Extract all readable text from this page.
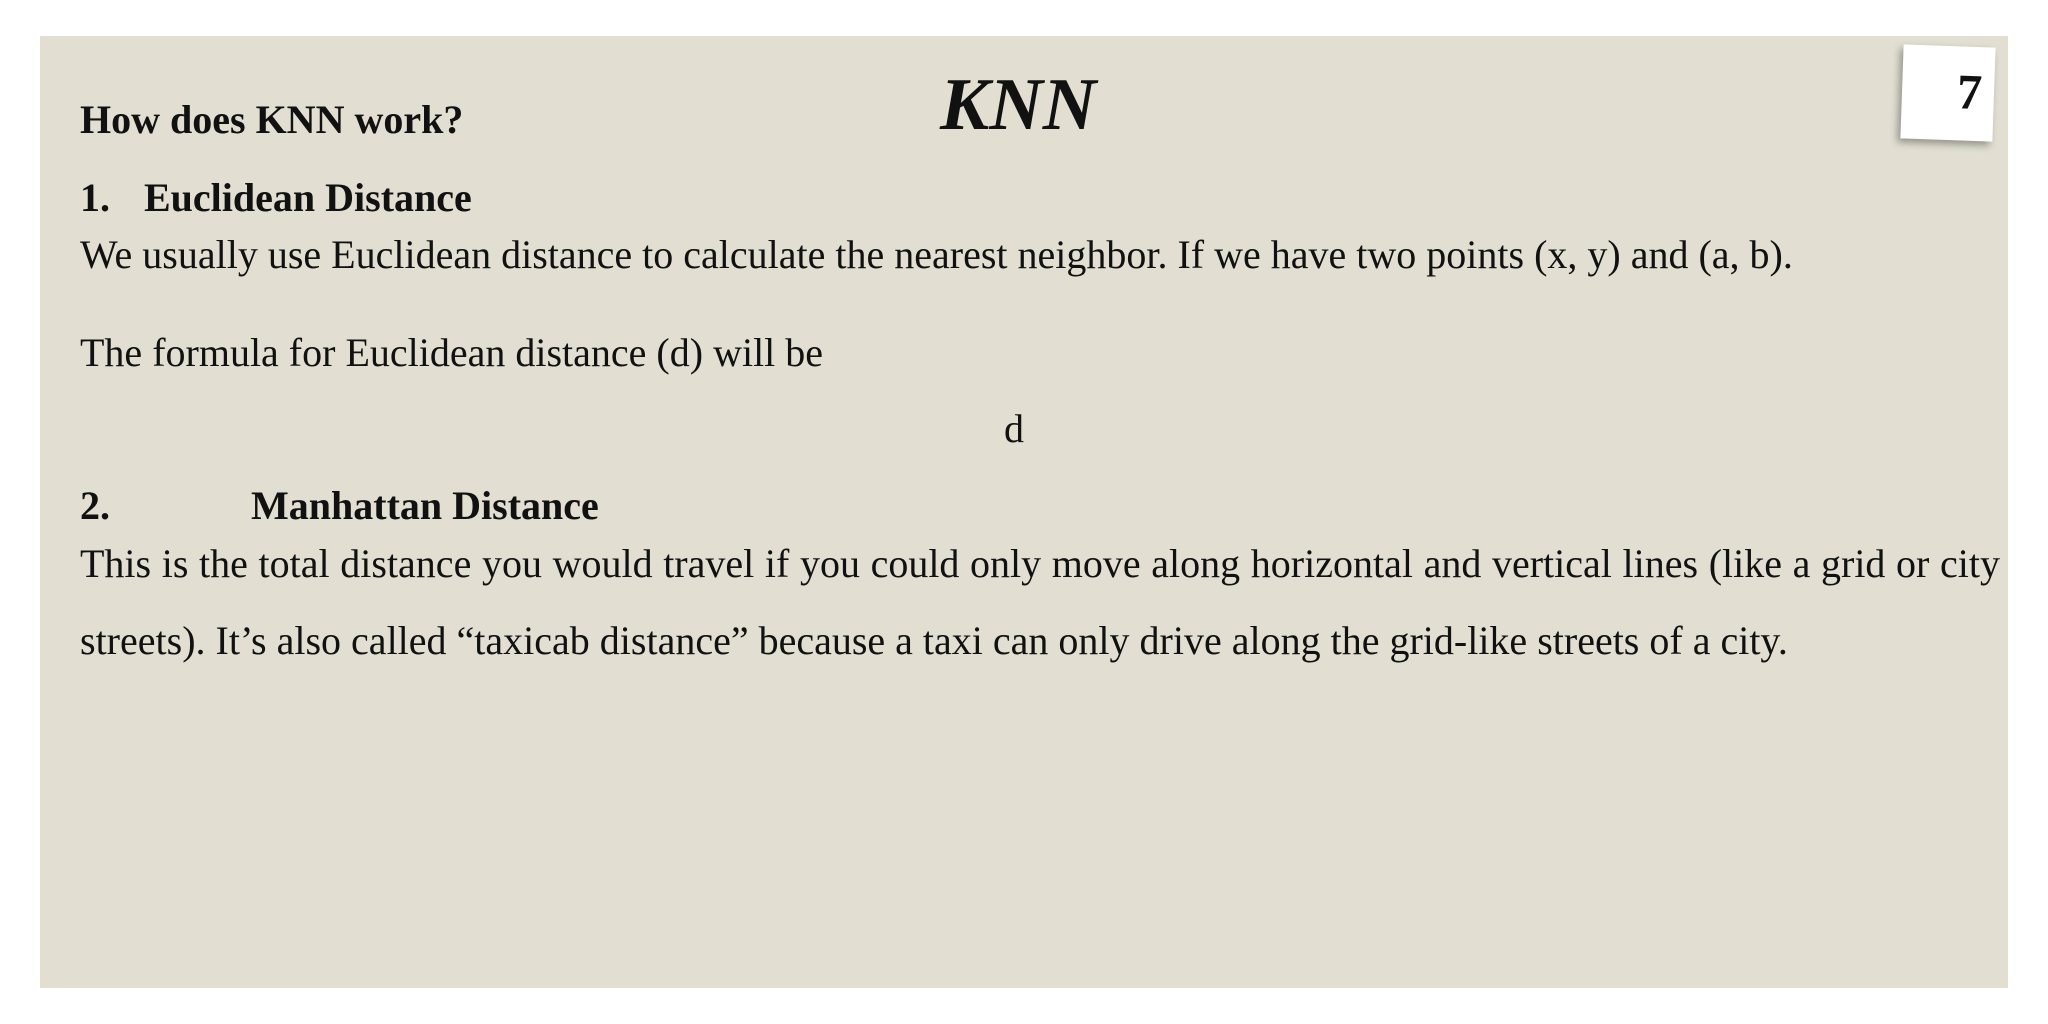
KNN	7
How does KNN work?
1. Euclidean Distance

We usually use Euclidean distance to calculate the nearest neighbor. If we have two points (x, y) and (a, b).

The formula for Euclidean distance (d) will be
d
2.	Manhattan Distance

This is the total distance you would travel if you could only move along horizontal and vertical lines (like a grid or city streets). It’s also called “taxicab distance” because a taxi can only drive along the grid-like streets of a city.
